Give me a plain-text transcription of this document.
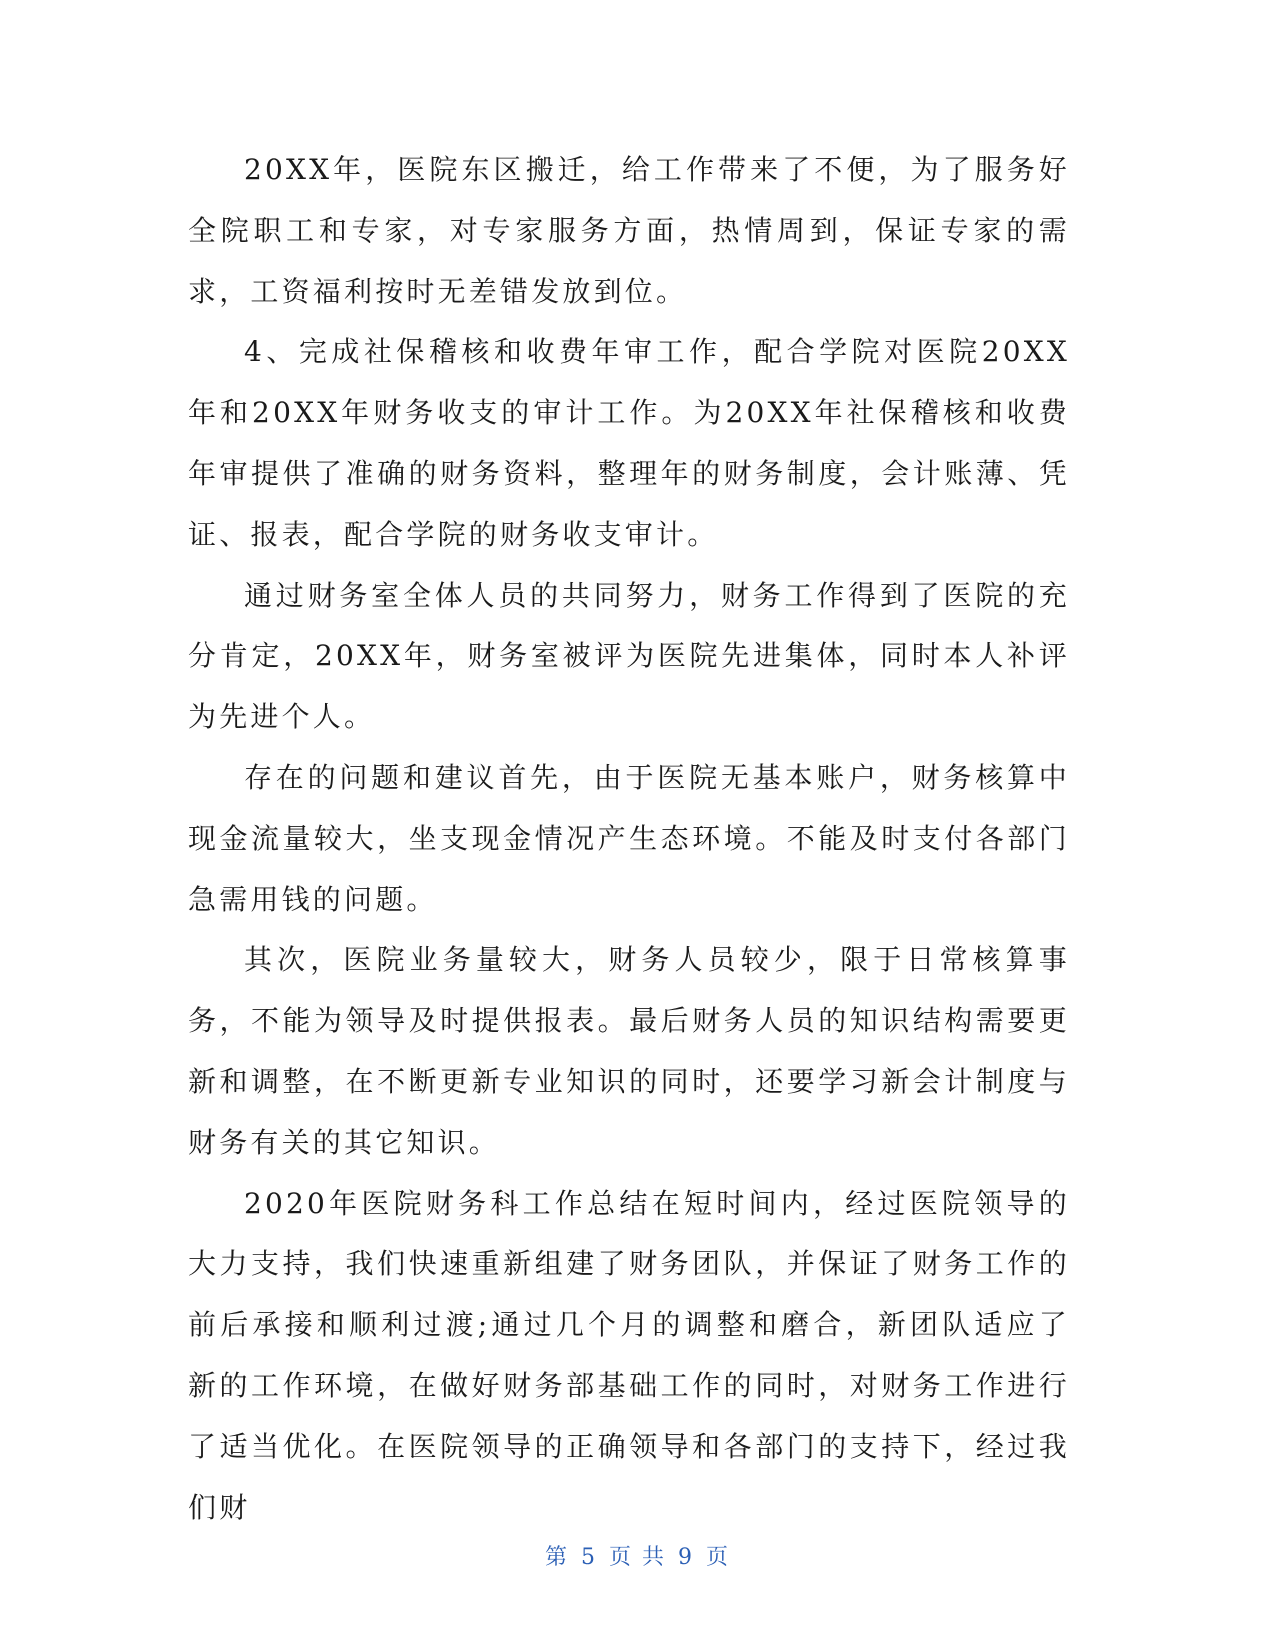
20XX年，医院东区搬迁，给工作带来了不便，为了服务好全院职工和专家，对专家服务方面，热情周到，保证专家的需求，工资福利按时无差错发放到位。

4、完成社保稽核和收费年审工作，配合学院对医院20XX年和20XX年财务收支的审计工作。为20XX年社保稽核和收费年审提供了准确的财务资料，整理年的财务制度，会计账薄、凭证、报表，配合学院的财务收支审计。

通过财务室全体人员的共同努力，财务工作得到了医院的充分肯定，20XX年，财务室被评为医院先进集体，同时本人补评为先进个人。

存在的问题和建议首先，由于医院无基本账户，财务核算中现金流量较大，坐支现金情况产生态环境。不能及时支付各部门急需用钱的问题。

其次，医院业务量较大，财务人员较少，限于日常核算事务，不能为领导及时提供报表。最后财务人员的知识结构需要更新和调整，在不断更新专业知识的同时，还要学习新会计制度与财务有关的其它知识。

2020年医院财务科工作总结在短时间内，经过医院领导的大力支持，我们快速重新组建了财务团队，并保证了财务工作的前后承接和顺利过渡;通过几个月的调整和磨合，新团队适应了新的工作环境，在做好财务部基础工作的同时，对财务工作进行了适当优化。在医院领导的正确领导和各部门的支持下，经过我们财

第 5 页 共 9 页
